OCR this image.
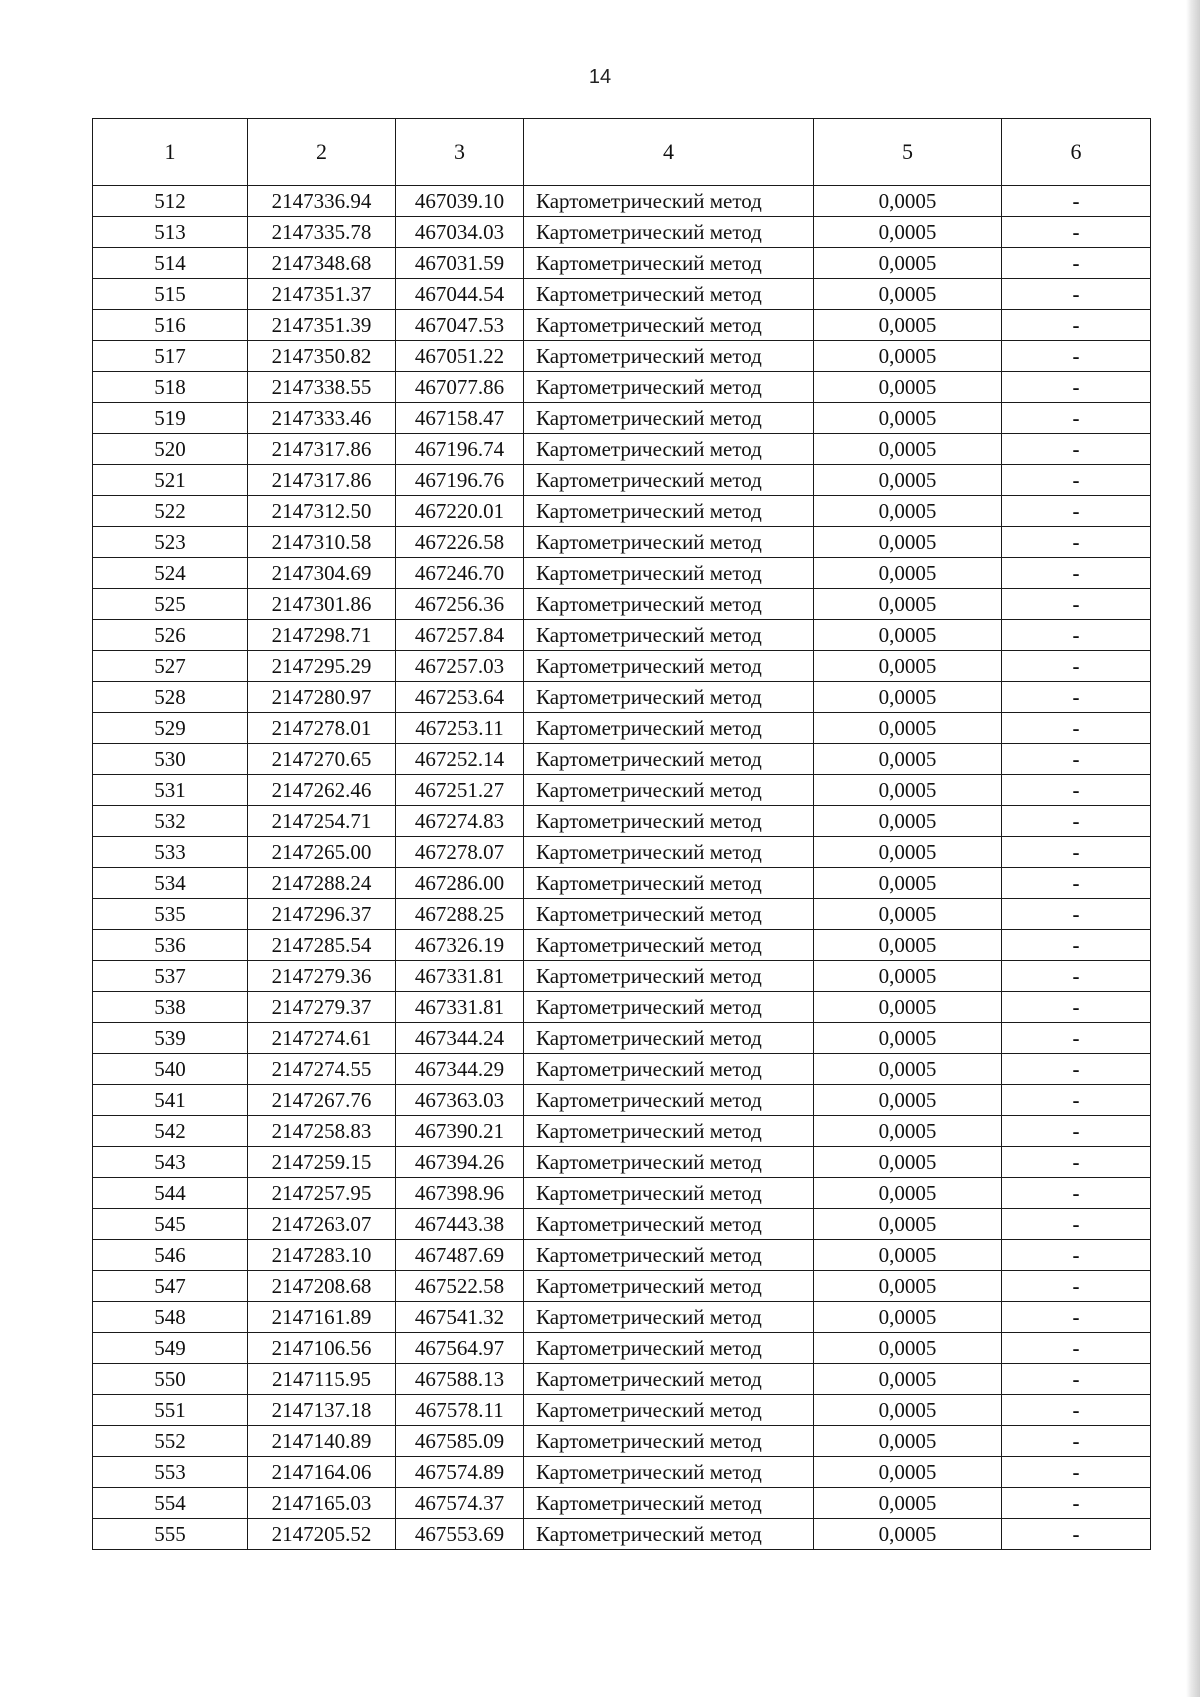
14
1	2	3	4	5	6
512	2147336.94	467039.10	Картометрический метод	0,0005	-
513	2147335.78	467034.03	Картометрический метод	0,0005	-
514	2147348.68	467031.59	Картометрический метод	0,0005	-
515	2147351.37	467044.54	Картометрический метод	0,0005	-
516	2147351.39	467047.53	Картометрический метод	0,0005	-
517	2147350.82	467051.22	Картометрический метод	0,0005	-
518	2147338.55	467077.86	Картометрический метод	0,0005	-
519	2147333.46	467158.47	Картометрический метод	0,0005	-
520	2147317.86	467196.74	Картометрический метод	0,0005	-
521	2147317.86	467196.76	Картометрический метод	0,0005	-
522	2147312.50	467220.01	Картометрический метод	0,0005	-
523	2147310.58	467226.58	Картометрический метод	0,0005	-
524	2147304.69	467246.70	Картометрический метод	0,0005	-
525	2147301.86	467256.36	Картометрический метод	0,0005	-
526	2147298.71	467257.84	Картометрический метод	0,0005	-
527	2147295.29	467257.03	Картометрический метод	0,0005	-
528	2147280.97	467253.64	Картометрический метод	0,0005	-
529	2147278.01	467253.11	Картометрический метод	0,0005	-
530	2147270.65	467252.14	Картометрический метод	0,0005	-
531	2147262.46	467251.27	Картометрический метод	0,0005	-
532	2147254.71	467274.83	Картометрический метод	0,0005	-
533	2147265.00	467278.07	Картометрический метод	0,0005	-
534	2147288.24	467286.00	Картометрический метод	0,0005	-
535	2147296.37	467288.25	Картометрический метод	0,0005	-
536	2147285.54	467326.19	Картометрический метод	0,0005	-
537	2147279.36	467331.81	Картометрический метод	0,0005	-
538	2147279.37	467331.81	Картометрический метод	0,0005	-
539	2147274.61	467344.24	Картометрический метод	0,0005	-
540	2147274.55	467344.29	Картометрический метод	0,0005	-
541	2147267.76	467363.03	Картометрический метод	0,0005	-
542	2147258.83	467390.21	Картометрический метод	0,0005	-
543	2147259.15	467394.26	Картометрический метод	0,0005	-
544	2147257.95	467398.96	Картометрический метод	0,0005	-
545	2147263.07	467443.38	Картометрический метод	0,0005	-
546	2147283.10	467487.69	Картометрический метод	0,0005	-
547	2147208.68	467522.58	Картометрический метод	0,0005	-
548	2147161.89	467541.32	Картометрический метод	0,0005	-
549	2147106.56	467564.97	Картометрический метод	0,0005	-
550	2147115.95	467588.13	Картометрический метод	0,0005	-
551	2147137.18	467578.11	Картометрический метод	0,0005	-
552	2147140.89	467585.09	Картометрический метод	0,0005	-
553	2147164.06	467574.89	Картометрический метод	0,0005	-
554	2147165.03	467574.37	Картометрический метод	0,0005	-
555	2147205.52	467553.69	Картометрический метод	0,0005	-
